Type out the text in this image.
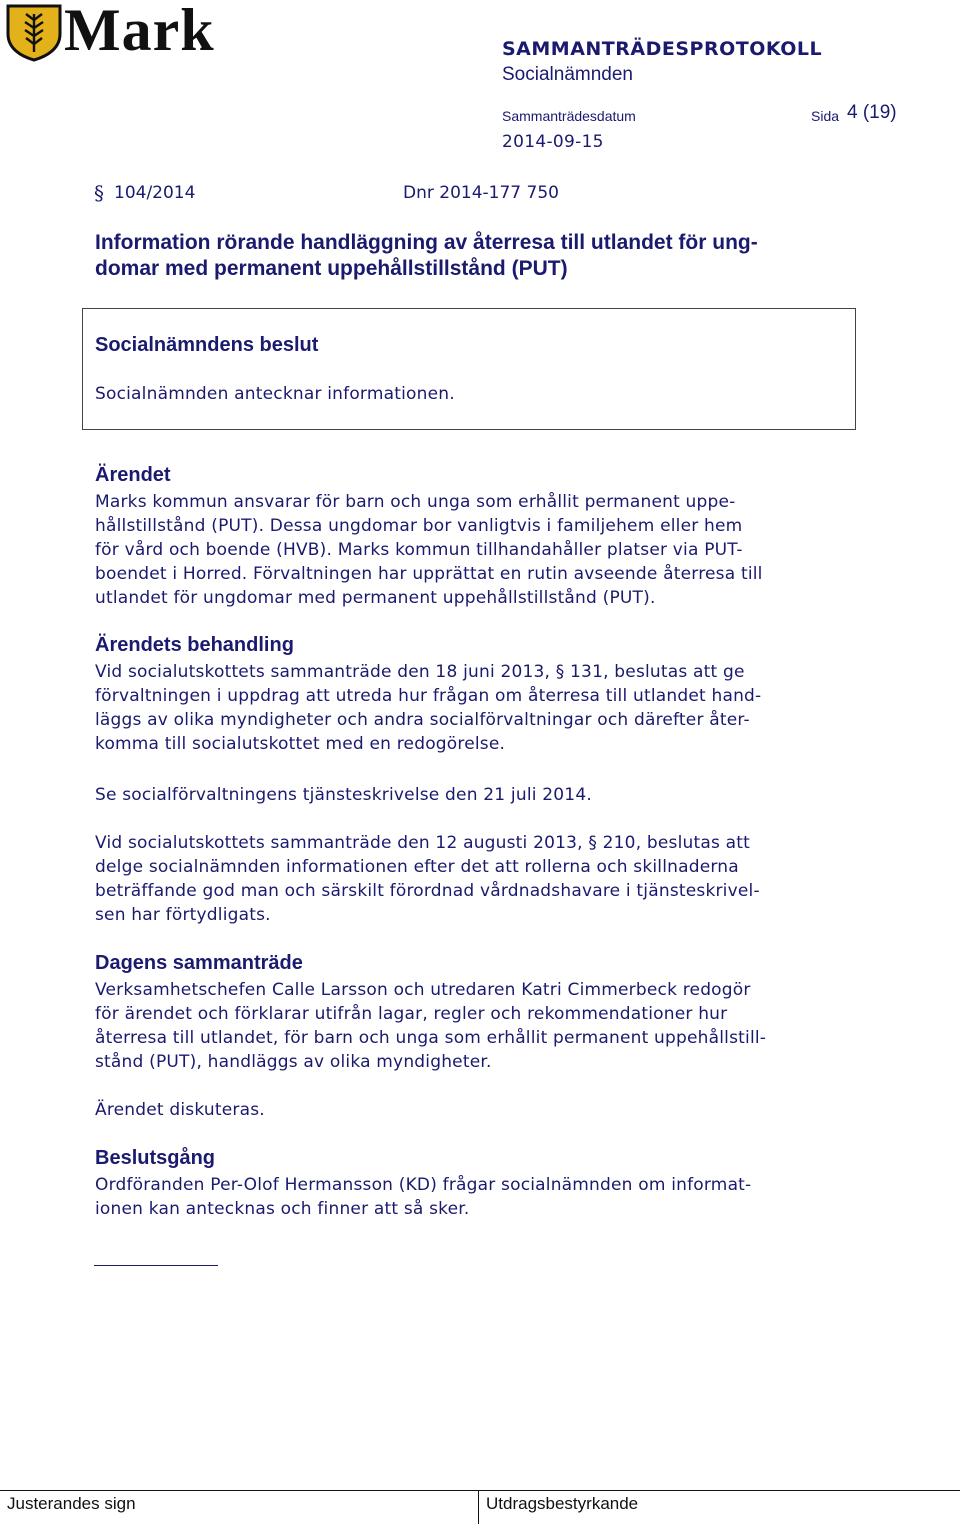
Mark	SAMMANTRÄDESPROTOKOLL
Socialnämnden
Sammanträdesdatum	Sida 4 (19)
2014-09-15
§ 104/2014	Dnr 2014-177 750
Information rörande handläggning av återresa till utlandet för ung-
domar med permanent uppehållstillstånd (PUT)
Socialnämndens beslut
Socialnämnden antecknar informationen.
Ärendet
Marks kommun ansvarar för barn och unga som erhållit permanent uppe-
hållstillstånd (PUT). Dessa ungdomar bor vanligtvis i familjehem eller hem
för vård och boende (HVB). Marks kommun tillhandahåller platser via PUT-
boendet i Horred. Förvaltningen har upprättat en rutin avseende återresa till
utlandet för ungdomar med permanent uppehållstillstånd (PUT).
Ärendets behandling
Vid socialutskottets sammanträde den 18 juni 2013, § 131, beslutas att ge
förvaltningen i uppdrag att utreda hur frågan om återresa till utlandet hand-
läggs av olika myndigheter och andra socialförvaltningar och därefter åter-
komma till socialutskottet med en redogörelse.
Se socialförvaltningens tjänsteskrivelse den 21 juli 2014.
Vid socialutskottets sammanträde den 12 augusti 2013, § 210, beslutas att
delge socialnämnden informationen efter det att rollerna och skillnaderna
beträffande god man och särskilt förordnad vårdnadshavare i tjänsteskrivel-
sen har förtydligats.
Dagens sammanträde
Verksamhetschefen Calle Larsson och utredaren Katri Cimmerbeck redogör
för ärendet och förklarar utifrån lagar, regler och rekommendationer hur
återresa till utlandet, för barn och unga som erhållit permanent uppehållstill-
stånd (PUT), handläggs av olika myndigheter.
Ärendet diskuteras.
Beslutsgång
Ordföranden Per-Olof Hermansson (KD) frågar socialnämnden om informat-
ionen kan antecknas och finner att så sker.
Justerandes sign	Utdragsbestyrkande
